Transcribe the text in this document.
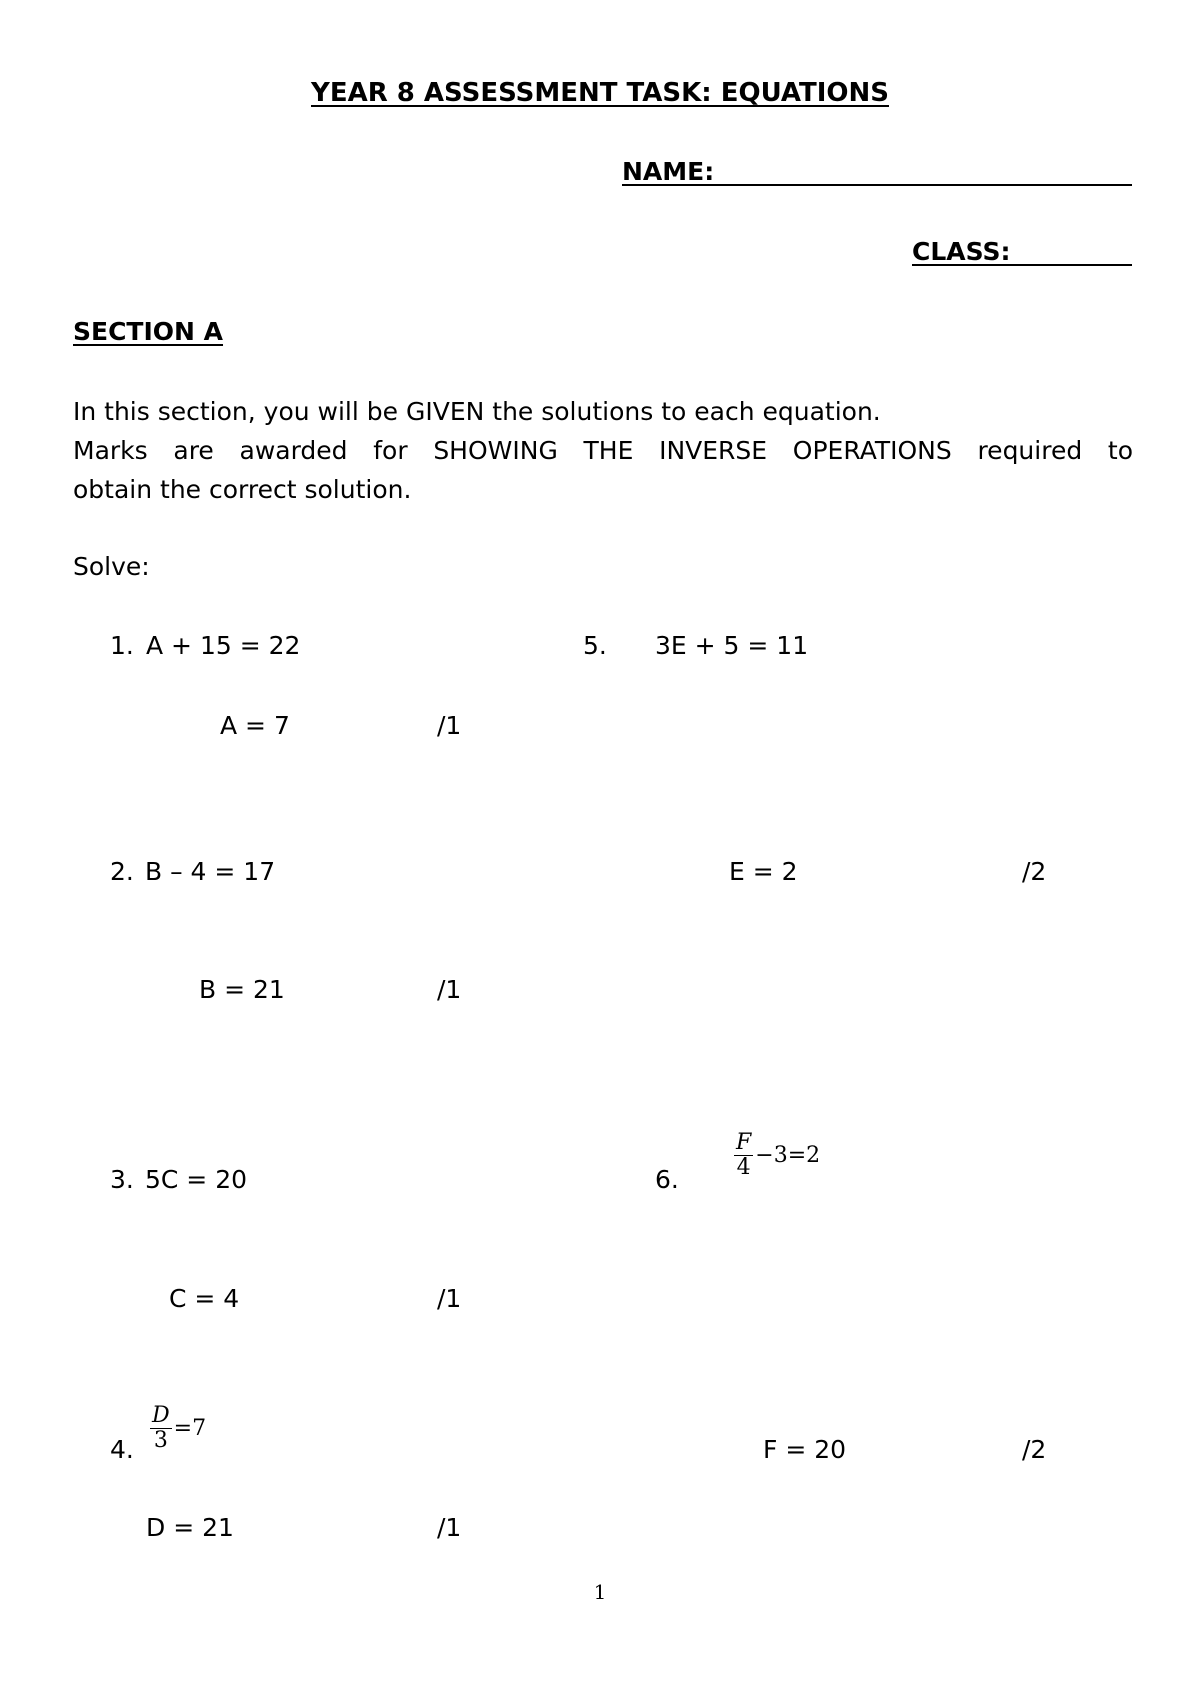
YEAR 8 ASSESSMENT TASK: EQUATIONS
NAME:
CLASS:
SECTION A
In this section, you will be GIVEN the solutions to each equation.
Marks are awarded for SHOWING THE INVERSE OPERATIONS required to
obtain the correct solution.
Solve:
1. A + 15 = 22
A = 7	/1
2. B – 4 = 17
B = 21	/1
3. 5C = 20
C = 4	/1
4. $\frac{D}{3} =7$
D = 21	/1
5. 3E + 5 = 11
E = 2	/2
6.	$\frac{F}{4} -3=2$
F = 20	/2
1
